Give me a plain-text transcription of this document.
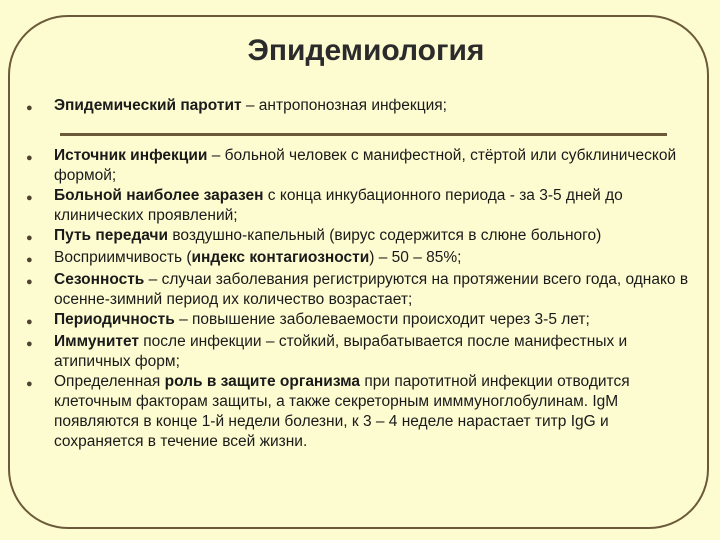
Эпидемиология
●	Эпидемический паротит – антропонозная инфекция;
●	Источник инфекции – больной человек с манифестной, стёртой или субклинической формой;
●	Больной наиболее заразен с конца инкубационного периода - за 3-5 дней до клинических проявлений;
●	Путь передачи воздушно-капельный (вирус содержится в слюне больного)
●	Восприимчивость (индекс контагиозности) – 50 – 85%;
●	Сезонность – случаи заболевания регистрируются на протяжении всего года, однако в осенне-зимний период их количество возрастает;
●	Периодичность – повышение заболеваемости происходит через 3-5 лет;
●	Иммунитет после инфекции – стойкий, вырабатывается после манифестных и атипичных форм;
●	Определенная роль в защите организма при паротитной инфекции отводится клеточным факторам защиты, а также секреторным имммуноглобулинам. IgM появляются в конце 1-й недели болезни, к 3 – 4 неделе нарастает титр IgG и сохраняется в течение всей жизни.
